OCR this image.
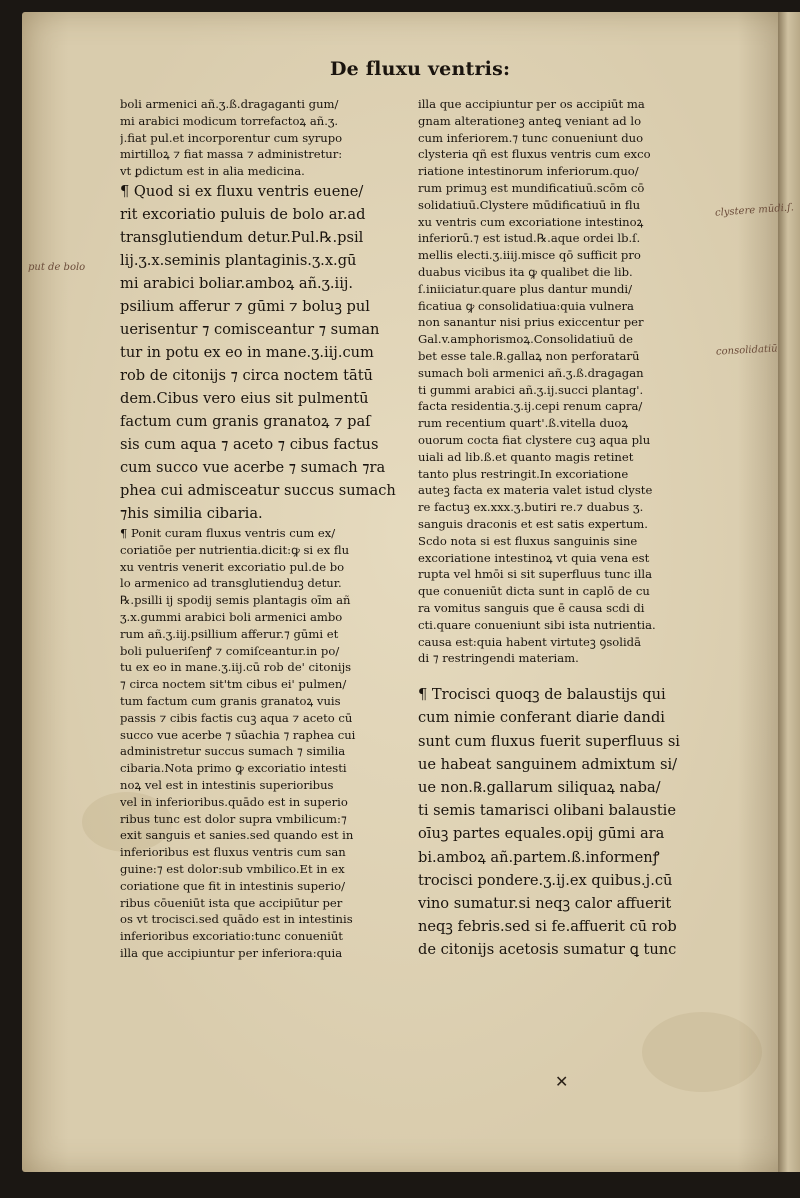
De fluxu ventris:
boli armenici añ.ʒ.ß.dragaganti gum/
mi arabici modicum torrefactoꝝ añ.ʒ.
j.fiat pul.et incorporentur cum syrupo
mirtilloꝝ ⁊ fiat massa ⁊ administretur:
vt ꝑdictum est in alia medicina.
¶ Quod si ex fluxu ventris euene/
rit excoriatio puluis de bolo ar.ad
transglutiendum detur.Pul.℞.psil
lij.ʒ.x.seminis plantaginis.ʒ.x.gū
mi arabici boliar.amboꝝ añ.ʒ.iij.
psilium afferur ⁊ gūmi ⁊ boluꝫ pul
uerisentur ⁊ comisceantur ⁊ suman
tur in potu ex eo in mane.ʒ.iij.cum
rob de citonijs ⁊ circa noctem tātū
dem.Cibus vero eius sit pulmentū
factum cum granis granatoꝝ ⁊ paſ
sis cum aqua ⁊ aceto ⁊ cibus factus
cum succo vue acerbe ⁊ sumach ⁊ra
phea cui admisceatur succus sumach
⁊his similia cibaria.
¶ Ponit curam fluxus ventris cum ex/
coriatiōe per nutrientia.dicit:ꝙ si ex flu
xu ventris venerit excoriatio pul.de bo
lo armenico ad transglutienduꝫ detur.
℞.psilli ij spodij semis plantagis oīm añ
ʒ.x.gummi arabici boli armenici ambo
rum añ.ʒ.iij.psillium afferur.⁊ gūmi et
boli pulueriſenꝭ ⁊ comiſceantur.in po/
tu ex eo in mane.ʒ.iij.cū rob de' citonijs
⁊ circa noctem sit'tm cibus ei' pulmen/
tum factum cum granis granatoꝝ vuis
passis ⁊ cibis factis cuꝫ aqua ⁊ aceto cū
succo vue acerbe ⁊ sūachia ⁊ raphea cui
administretur succus sumach ⁊ similia
cibaria.Nota primo ꝙ excoriatio intesti
noꝝ vel est in intestinis superioribus
vel in inferioribus.quādo est in superio
ribus tunc est dolor supra vmbilicum:⁊
exit sanguis et sanies.sed quando est in
inferioribus est fluxus ventris cum san
guine:⁊ est dolor:sub vmbilico.Et in ex
coriatione que fit in intestinis superio/
ribus cōueniūt ista que accipiūtur per
os vt trocisci.sed quādo est in intestinis
inferioribus excoriatio:tunc conueniūt
illa que accipiuntur per inferiora:quia
illa que accipiuntur per os accipiūt ma
gnam alterationeꝫ anteꝗ veniant ad lo
cum inferiorem.⁊ tunc conueniunt duo
clysteria qñ est fluxus ventris cum exco
riatione intestinorum inferiorum.quo/
rum primuꝫ est mundificatiuū.scōm cō
solidatiuū.Clystere mūdificatiuū in flu
xu ventris cum excoriatione intestinoꝝ
inferiorū.⁊ est istud.℞.aque ordei lb.ſ.
mellis electi.ʒ.iiij.misce qō sufficit pro
duabus vicibus ita ꝙ qualibet die lib.
ſ.iniiciatur.quare plus dantur mundi/
ficatiua ꝙ consolidatiua:quia vulnera
non sanantur nisi prius exiccentur per
Gal.v.amphorismoꝝ.Consolidatiuū de
bet esse tale.℞.gallaꝝ non perforatarū
sumach boli armenici añ.ʒ.ß.dragagan
ti gummi arabici añ.ʒ.ij.succi plantag'.
facta residentia.ʒ.ij.cepi renum capra/
rum recentium quart'.ß.vitella duoꝝ
ouorum cocta fiat clystere cuꝫ aqua plu
uiali ad lib.ß.et quanto magis retinet
tanto plus restringit.In excoriatione
auteꝫ facta ex materia valet istud clyste
re factuꝫ ex.xxx.ʒ.butiri re.⁊ duabus ʒ.
sanguis draconis et est satis expertum.
Scdo nota si est fluxus sanguinis sine
excoriatione intestinoꝝ vt quia vena est
rupta vel hmōi si sit superfluus tunc illa
que conueniūt dicta sunt in caplō de cu
ra vomitus sanguis que ē causa scdi di
cti.quare conueniunt sibi ista nutrientia.
causa est:quia habent virtuteꝫ ꝯsolidā
di ⁊ restringendi materiam.
¶ Trocisci quoqꝫ de balaustijs qui
cum nimie conferant diarie dandi
sunt cum fluxus fuerit superfluus si
ue habeat sanguinem admixtum si/
ue non.℞.gallarum siliquaꝝ naba/
ti semis tamarisci olibani balaustie
oīuꝫ partes equales.opij gūmi ara
bi.amboꝝ añ.partem.ß.informenꝭ
trocisci pondere.ʒ.ij.ex quibus.j.cū
vino sumatur.si neqꝫ calor affuerit
neqꝫ febris.sed si fe.affuerit cū rob
de citonijs acetosis sumatur ꝗ tunc
put de bolo
clystere mūdi.ſ.
consolidatiū
✕
